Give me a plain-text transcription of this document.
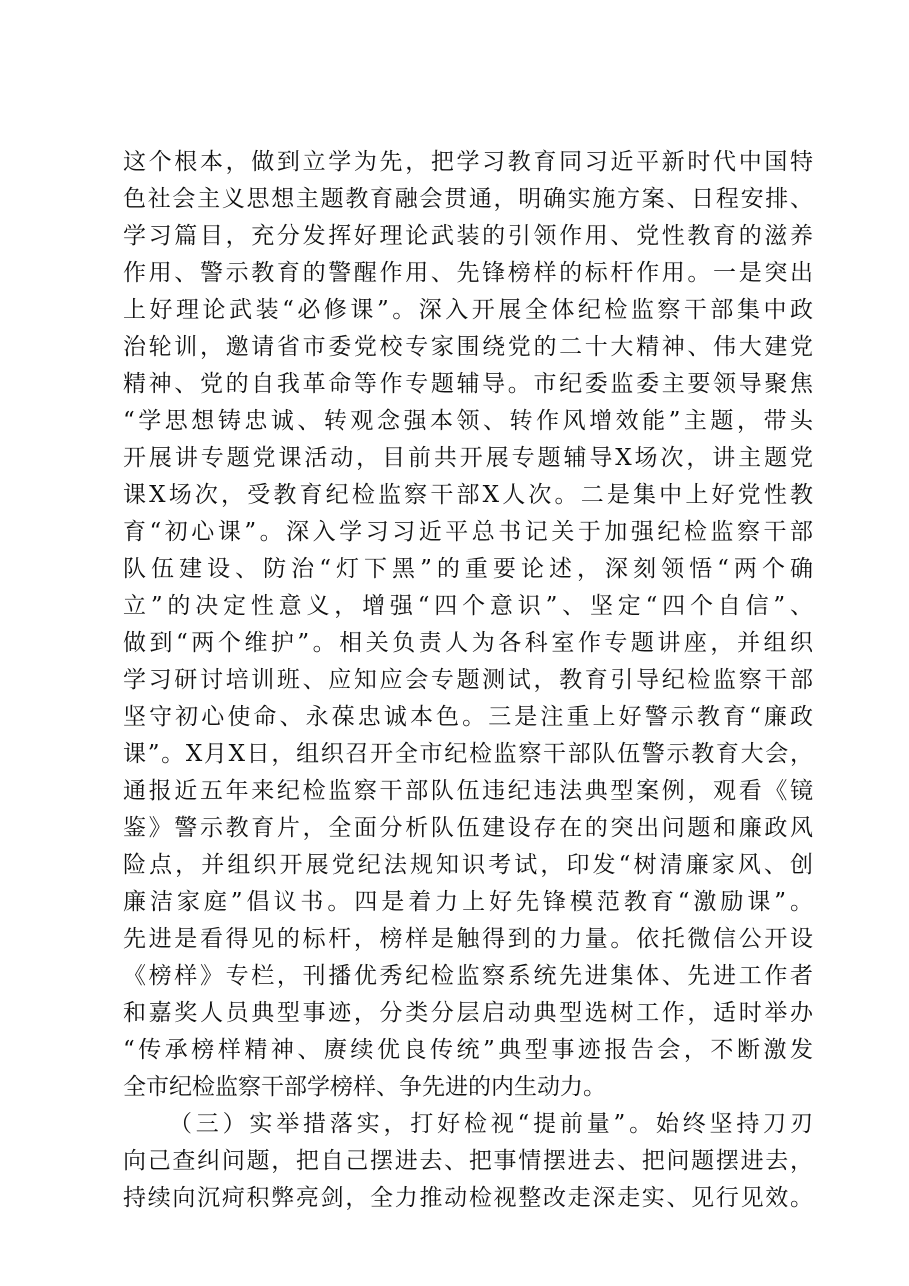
这个根本，做到立学为先，把学习教育同习近平新时代中国特
色社会主义思想主题教育融会贯通，明确实施方案、日程安排、
学习篇目，充分发挥好理论武装的引领作用、党性教育的滋养
作用、警示教育的警醒作用、先锋榜样的标杆作用。一是突出
上好理论武装“必修课”。深入开展全体纪检监察干部集中政
治轮训，邀请省市委党校专家围绕党的二十大精神、伟大建党
精神、党的自我革命等作专题辅导。市纪委监委主要领导聚焦
“学思想铸忠诚、转观念强本领、转作风增效能”主题，带头
开展讲专题党课活动，目前共开展专题辅导X场次，讲主题党
课X场次，受教育纪检监察干部X人次。二是集中上好党性教
育“初心课”。深入学习习近平总书记关于加强纪检监察干部
队伍建设、防治“灯下黑”的重要论述，深刻领悟“两个确
立”的决定性意义，增强“四个意识”、坚定“四个自信”、
做到“两个维护”。相关负责人为各科室作专题讲座，并组织
学习研讨培训班、应知应会专题测试，教育引导纪检监察干部
坚守初心使命、永葆忠诚本色。三是注重上好警示教育“廉政
课”。X月X日，组织召开全市纪检监察干部队伍警示教育大会，
通报近五年来纪检监察干部队伍违纪违法典型案例，观看《镜
鉴》警示教育片，全面分析队伍建设存在的突出问题和廉政风
险点，并组织开展党纪法规知识考试，印发“树清廉家风、创
廉洁家庭”倡议书。四是着力上好先锋模范教育“激励课”。
先进是看得见的标杆，榜样是触得到的力量。依托微信公开设
《榜样》专栏，刊播优秀纪检监察系统先进集体、先进工作者
和嘉奖人员典型事迹，分类分层启动典型选树工作，适时举办
“传承榜样精神、赓续优良传统”典型事迹报告会，不断激发
全市纪检监察干部学榜样、争先进的内生动力。
（三）实举措落实，打好检视“提前量”。始终坚持刀刃
向己查纠问题，把自己摆进去、把事情摆进去、把问题摆进去，
持续向沉疴积弊亮剑，全力推动检视整改走深走实、见行见效。
